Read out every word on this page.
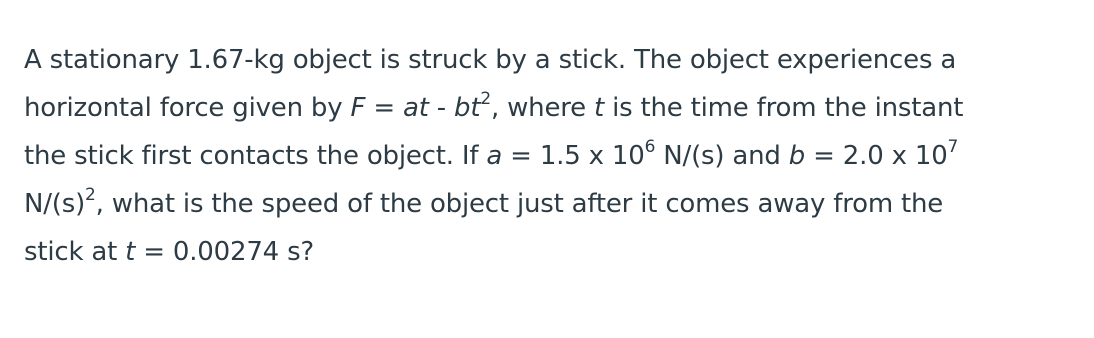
A stationary 1.67-kg object is struck by a stick. The object experiences a
horizontal force given by F = at - $bt^2$, where t is the time from the instant
the stick first contacts the object. If a = 1.5 x $10^6$ N/(s) and b = 2.0 x $10^7$
$N/(s)^2$, what is the speed of the object just after it comes away from the
stick at t = 0.00274 s?
